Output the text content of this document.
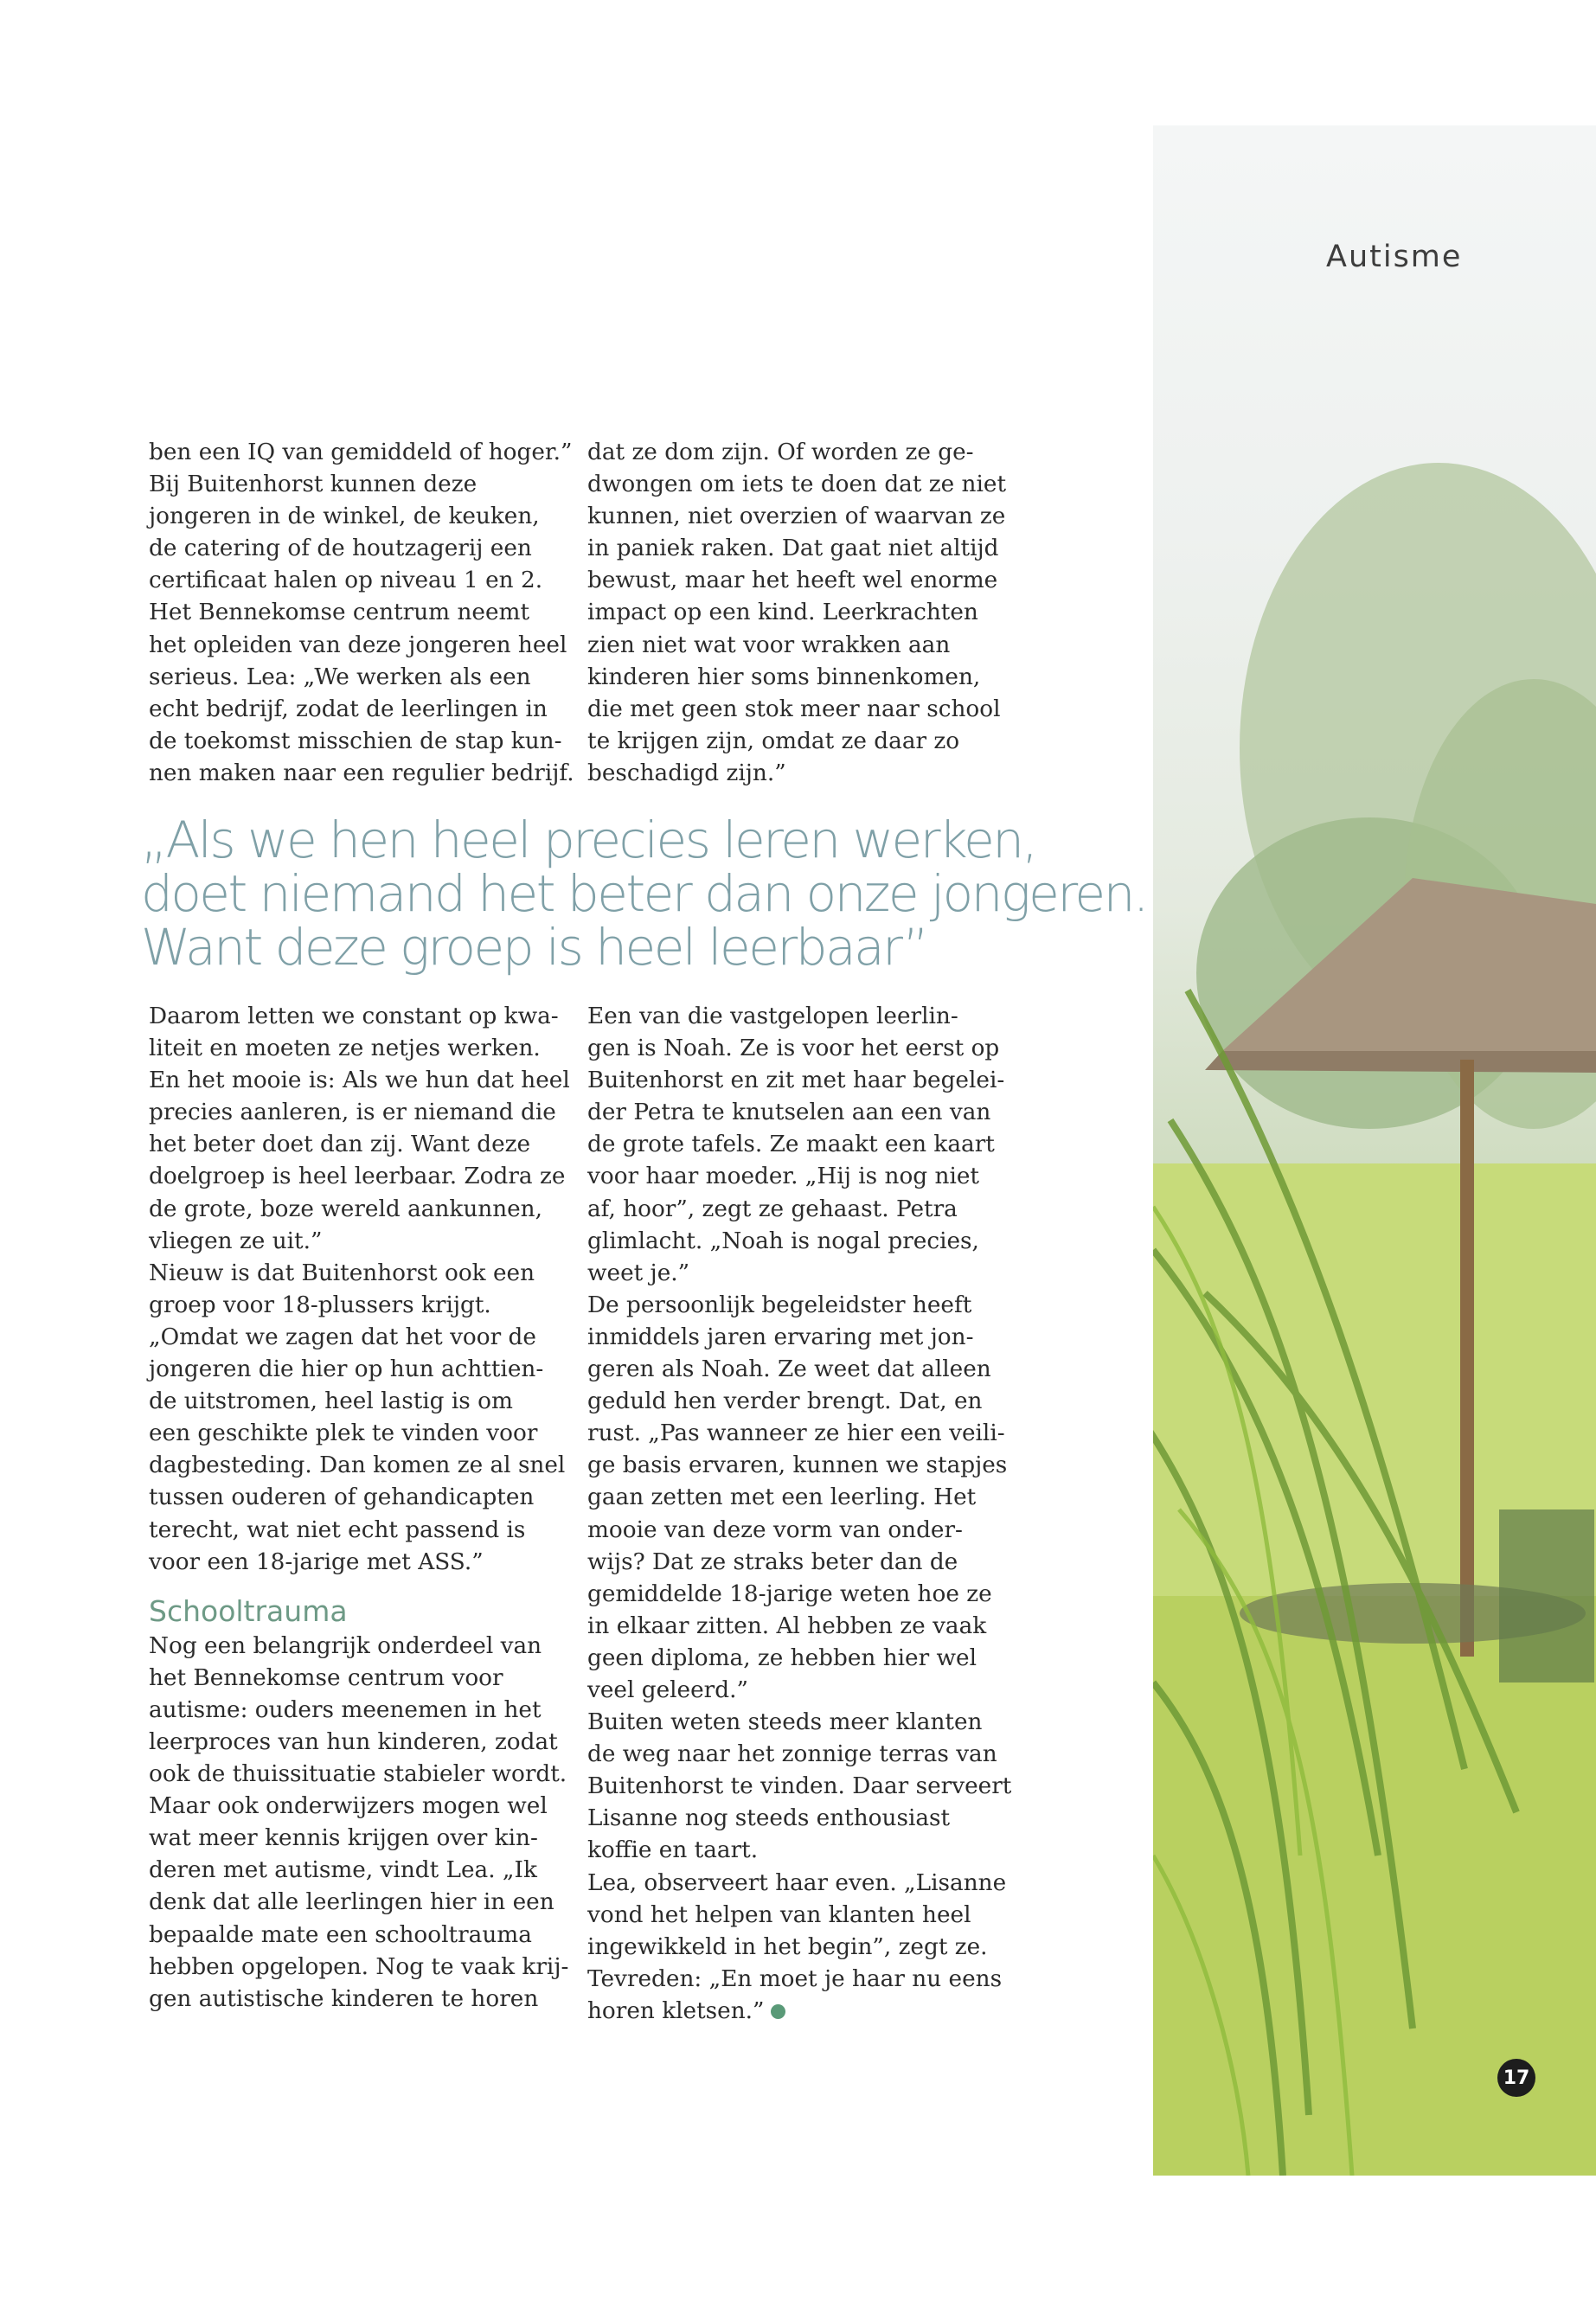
Autisme
ben een IQ van gemiddeld of hoger.”
Bij Buitenhorst kunnen deze
jongeren in de winkel, de keuken,
de catering of de houtzagerij een
certificaat halen op niveau 1 en 2.
Het Bennekomse centrum neemt
het opleiden van deze jongeren heel
serieus. Lea: „We werken als een
echt bedrijf, zodat de leerlingen in
de toekomst misschien de stap kun-
nen maken naar een regulier bedrijf.
dat ze dom zijn. Of worden ze ge-
dwongen om iets te doen dat ze niet
kunnen, niet overzien of waarvan ze
in paniek raken. Dat gaat niet altijd
bewust, maar het heeft wel enorme
impact op een kind. Leerkrachten
zien niet wat voor wrakken aan
kinderen hier soms binnenkomen,
die met geen stok meer naar school
te krijgen zijn, omdat ze daar zo
beschadigd zijn.”
„Als we hen heel precies leren werken,
doet niemand het beter dan onze jongeren.
Want deze groep is heel leerbaar”
Daarom letten we constant op kwa-
liteit en moeten ze netjes werken.
En het mooie is: Als we hun dat heel
precies aanleren, is er niemand die
het beter doet dan zij. Want deze
doelgroep is heel leerbaar. Zodra ze
de grote, boze wereld aankunnen,
vliegen ze uit.”
Nieuw is dat Buitenhorst ook een
groep voor 18-plussers krijgt.
„Omdat we zagen dat het voor de
jongeren die hier op hun achttien-
de uitstromen, heel lastig is om
een geschikte plek te vinden voor
dagbesteding. Dan komen ze al snel
tussen ouderen of gehandicapten
terecht, wat niet echt passend is
voor een 18-jarige met ASS.”
Schooltrauma
Nog een belangrijk onderdeel van
het Bennekomse centrum voor
autisme: ouders meenemen in het
leerproces van hun kinderen, zodat
ook de thuissituatie stabieler wordt.
Maar ook onderwijzers mogen wel
wat meer kennis krijgen over kin-
deren met autisme, vindt Lea. „Ik
denk dat alle leerlingen hier in een
bepaalde mate een schooltrauma
hebben opgelopen. Nog te vaak krij-
gen autistische kinderen te horen
Een van die vastgelopen leerlin-
gen is Noah. Ze is voor het eerst op
Buitenhorst en zit met haar begelei-
der Petra te knutselen aan een van
de grote tafels. Ze maakt een kaart
voor haar moeder. „Hij is nog niet
af, hoor”, zegt ze gehaast. Petra
glimlacht. „Noah is nogal precies,
weet je.”
De persoonlijk begeleidster heeft
inmiddels jaren ervaring met jon-
geren als Noah. Ze weet dat alleen
geduld hen verder brengt. Dat, en
rust. „Pas wanneer ze hier een veili-
ge basis ervaren, kunnen we stapjes
gaan zetten met een leerling. Het
mooie van deze vorm van onder-
wijs? Dat ze straks beter dan de
gemiddelde 18-jarige weten hoe ze
in elkaar zitten. Al hebben ze vaak
geen diploma, ze hebben hier wel
veel geleerd.”
Buiten weten steeds meer klanten
de weg naar het zonnige terras van
Buitenhorst te vinden. Daar serveert
Lisanne nog steeds enthousiast
koffie en taart.
Lea, observeert haar even. „Lisanne
vond het helpen van klanten heel
ingewikkeld in het begin”, zegt ze.
Tevreden: „En moet je haar nu eens
horen kletsen.”
17
